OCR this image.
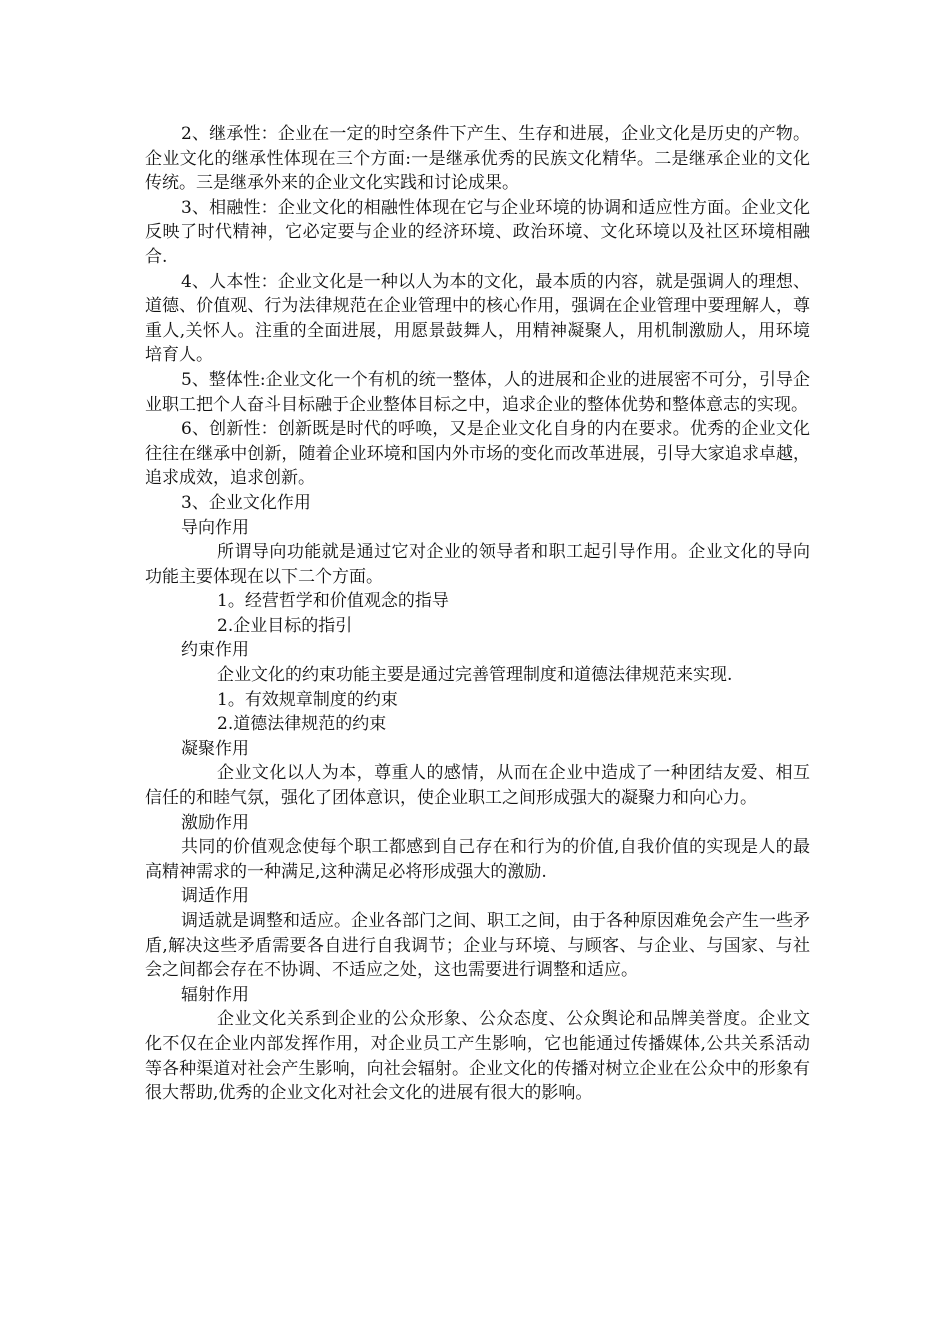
2、继承性：企业在一定的时空条件下产生、生存和进展，企业文化是历史的产物。企业文化的继承性体现在三个方面:一是继承优秀的民族文化精华。二是继承企业的文化传统。三是继承外来的企业文化实践和讨论成果。

3、相融性：企业文化的相融性体现在它与企业环境的协调和适应性方面。企业文化反映了时代精神，它必定要与企业的经济环境、政治环境、文化环境以及社区环境相融合.

4、人本性：企业文化是一种以人为本的文化，最本质的内容，就是强调人的理想、道德、价值观、行为法律规范在企业管理中的核心作用，强调在企业管理中要理解人，尊重人,关怀人。注重的全面进展，用愿景鼓舞人，用精神凝聚人，用机制激励人，用环境培育人。

5、整体性:企业文化一个有机的统一整体，人的进展和企业的进展密不可分，引导企业职工把个人奋斗目标融于企业整体目标之中，追求企业的整体优势和整体意志的实现。

6、创新性：创新既是时代的呼唤，又是企业文化自身的内在要求。优秀的企业文化往往在继承中创新，随着企业环境和国内外市场的变化而改革进展，引导大家追求卓越，追求成效，追求创新。

3、企业文化作用

导向作用

所谓导向功能就是通过它对企业的领导者和职工起引导作用。企业文化的导向功能主要体现在以下二个方面。

1。经营哲学和价值观念的指导

2.企业目标的指引

约束作用

企业文化的约束功能主要是通过完善管理制度和道德法律规范来实现.

1。有效规章制度的约束

2.道德法律规范的约束

凝聚作用

企业文化以人为本，尊重人的感情，从而在企业中造成了一种团结友爱、相互信任的和睦气氛，强化了团体意识，使企业职工之间形成强大的凝聚力和向心力。

激励作用

共同的价值观念使每个职工都感到自己存在和行为的价值,自我价值的实现是人的最高精神需求的一种满足,这种满足必将形成强大的激励.

调适作用

调适就是调整和适应。企业各部门之间、职工之间，由于各种原因难免会产生一些矛盾,解决这些矛盾需要各自进行自我调节；企业与环境、与顾客、与企业、与国家、与社会之间都会存在不协调、不适应之处，这也需要进行调整和适应。

辐射作用

企业文化关系到企业的公众形象、公众态度、公众舆论和品牌美誉度。企业文化不仅在企业内部发挥作用，对企业员工产生影响，它也能通过传播媒体,公共关系活动等各种渠道对社会产生影响，向社会辐射。企业文化的传播对树立企业在公众中的形象有很大帮助,优秀的企业文化对社会文化的进展有很大的影响。
